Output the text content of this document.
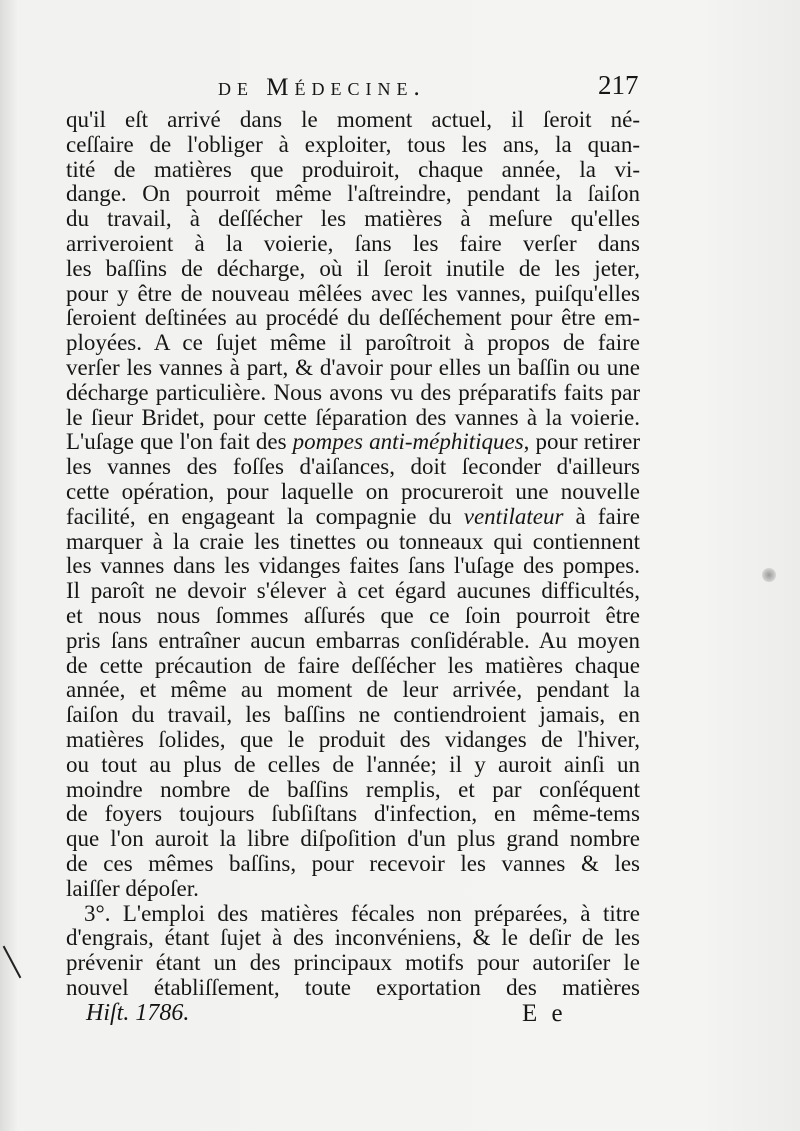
de Médecine.	217
qu'il eſt arrivé dans le moment actuel, il ſeroit né-
ceſſaire de l'obliger à exploiter, tous les ans, la quan-
tité de matières que produiroit, chaque année, la vi-
dange. On pourroit même l'aſtreindre, pendant la ſaiſon
du travail, à deſſécher les matières à meſure qu'elles
arriveroient à la voierie, ſans les faire verſer dans
les baſſins de décharge, où il ſeroit inutile de les jeter,
pour y être de nouveau mêlées avec les vannes, puiſqu'elles
ſeroient deſtinées au procédé du deſſéchement pour être em-
ployées. A ce ſujet même il paroîtroit à propos de faire
verſer les vannes à part, & d'avoir pour elles un baſſin ou une
décharge particulière. Nous avons vu des préparatifs faits par
le ſieur Bridet, pour cette ſéparation des vannes à la voierie.
L'uſage que l'on fait des pompes anti-méphitiques, pour retirer
les vannes des foſſes d'aiſances, doit ſeconder d'ailleurs
cette opération, pour laquelle on procureroit une nouvelle
facilité, en engageant la compagnie du ventilateur à faire
marquer à la craie les tinettes ou tonneaux qui contiennent
les vannes dans les vidanges faites ſans l'uſage des pompes.
Il paroît ne devoir s'élever à cet égard aucunes difficultés,
et nous nous ſommes aſſurés que ce ſoin pourroit être
pris ſans entraîner aucun embarras conſidérable. Au moyen
de cette précaution de faire deſſécher les matières chaque
année, et même au moment de leur arrivée, pendant la
ſaiſon du travail, les baſſins ne contiendroient jamais, en
matières ſolides, que le produit des vidanges de l'hiver,
ou tout au plus de celles de l'année; il y auroit ainſi un
moindre nombre de baſſins remplis, et par conſéquent
de foyers toujours ſubſiſtans d'infection, en même-tems
que l'on auroit la libre diſpoſition d'un plus grand nombre
de ces mêmes baſſins, pour recevoir les vannes & les
laiſſer dépoſer.
3°. L'emploi des matières fécales non préparées, à titre
d'engrais, étant ſujet à des inconvéniens, & le deſir de les
prévenir étant un des principaux motifs pour autoriſer le
nouvel établiſſement, toute exportation des matières
Hiſt. 1786.	E e
